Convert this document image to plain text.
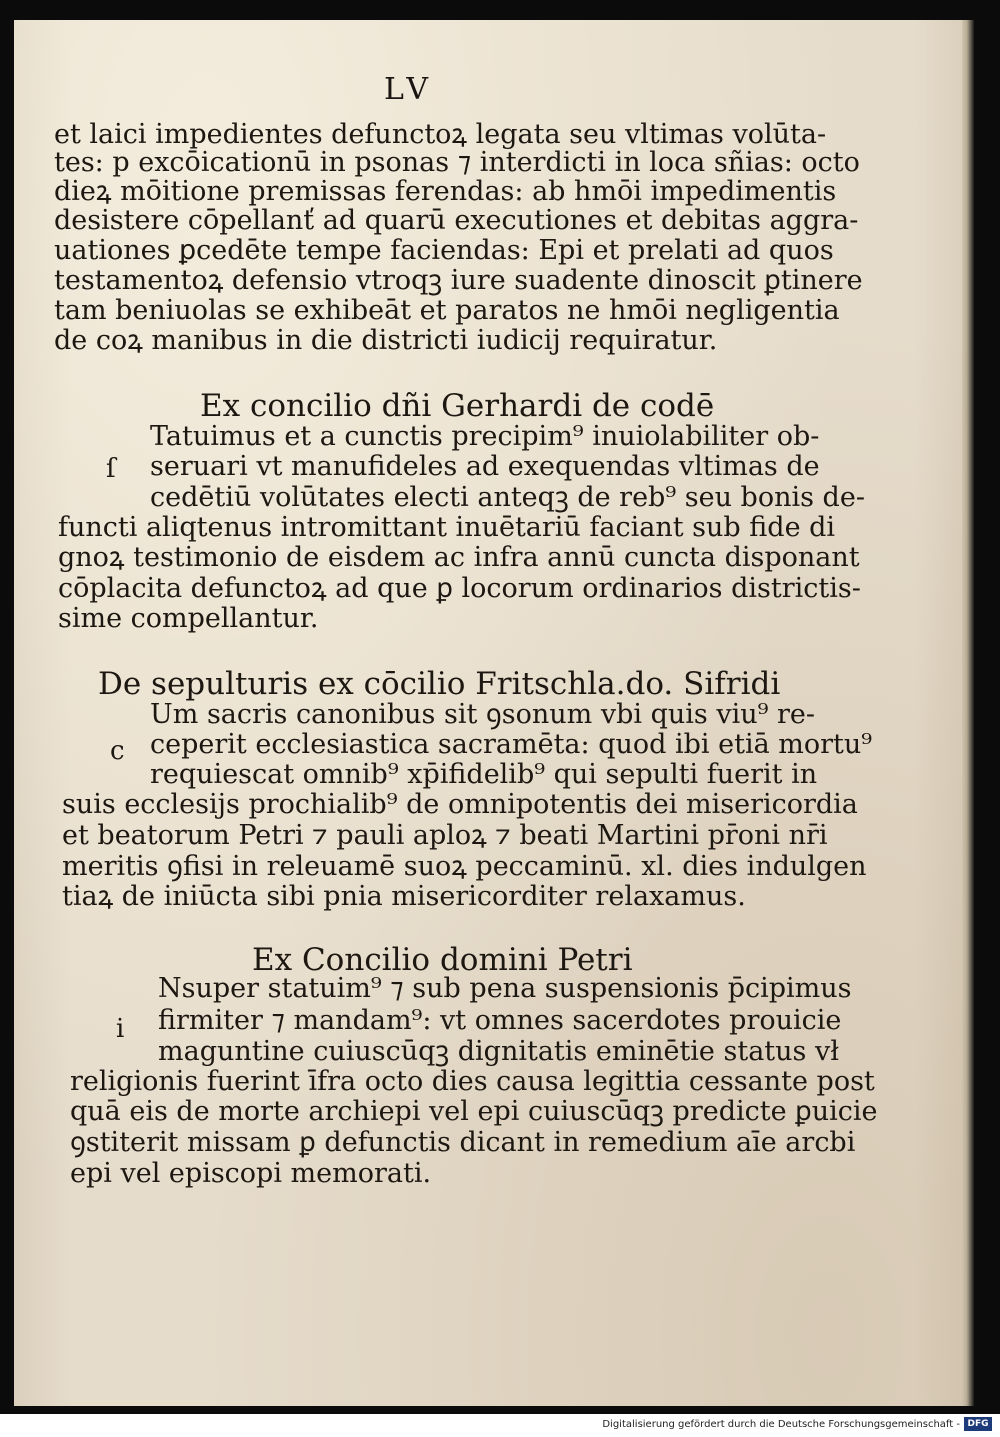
LV
et laici impedientes defunctoꝝ legata seu vltimas volūta-
tes: p excōicationū in psonas ⁊ interdicti in loca sñias: octo
dieꝝ mōitione premissas ferendas: ab hmōi impedimentis
desistere cōpellanť ad quarū executiones et debitas aggra-
uationes ꝑcedēte tempe faciendas: Epi et prelati ad quos
testamentoꝝ defensio vtroqꝫ iure suadente dinoscit ꝑtinere
tam beniuolas se exhibeāt et paratos ne hmōi negligentia
de coꝝ manibus in die districti iudicij requiratur.
Ex concilio dñi Gerhardi de codē
Tatuimus et a cunctis precipim⁹ inuiolabiliter ob-
ſ seruari vt manufideles ad exequendas vltimas de
cedētiū volūtates electi anteqꝫ de reb⁹ seu bonis de-
functi aliqtenus intromittant inuētariū faciant sub fide di
gnoꝝ testimonio de eisdem ac infra annū cuncta disponant
cōplacita defunctoꝝ ad que ꝑ locorum ordinarios districtis-
sime compellantur.
De sepulturis ex cōcilio Fritschla.do. Sifridi
Um sacris canonibus sit ꝯsonum vbi quis viu⁹ re-
c ceperit ecclesiastica sacramēta: quod ibi etiā mortu⁹
requiescat omnib⁹ xp̄ifidelib⁹ qui sepulti fuerit in
suis ecclesijs prochialib⁹ de omnipotentis dei misericordia
et beatorum Petri ⁊ pauli aploꝝ ⁊ beati Martini pr̄oni nr̄i
meritis ꝯfisi in releuamē suoꝝ peccaminū. xl. dies indulgen
tiaꝝ de iniūcta sibi pnia misericorditer relaxamus.
Ex Concilio domini Petri
Nsuper statuim⁹ ⁊ sub pena suspensionis p̄cipimus
i firmiter ⁊ mandam⁹: vt omnes sacerdotes prouicie
maguntine cuiuscūqꝫ dignitatis eminētie status vł
religionis fuerint īfra octo dies causa legittia cessante post
quā eis de morte archiepi vel epi cuiuscūqꝫ predicte ꝑuicie
ꝯstiterit missam ꝑ defunctis dicant in remedium aīe arcbi
epi vel episcopi memorati.
Digitalisierung gefördert durch die Deutsche Forschungsgemeinschaft - DFG
